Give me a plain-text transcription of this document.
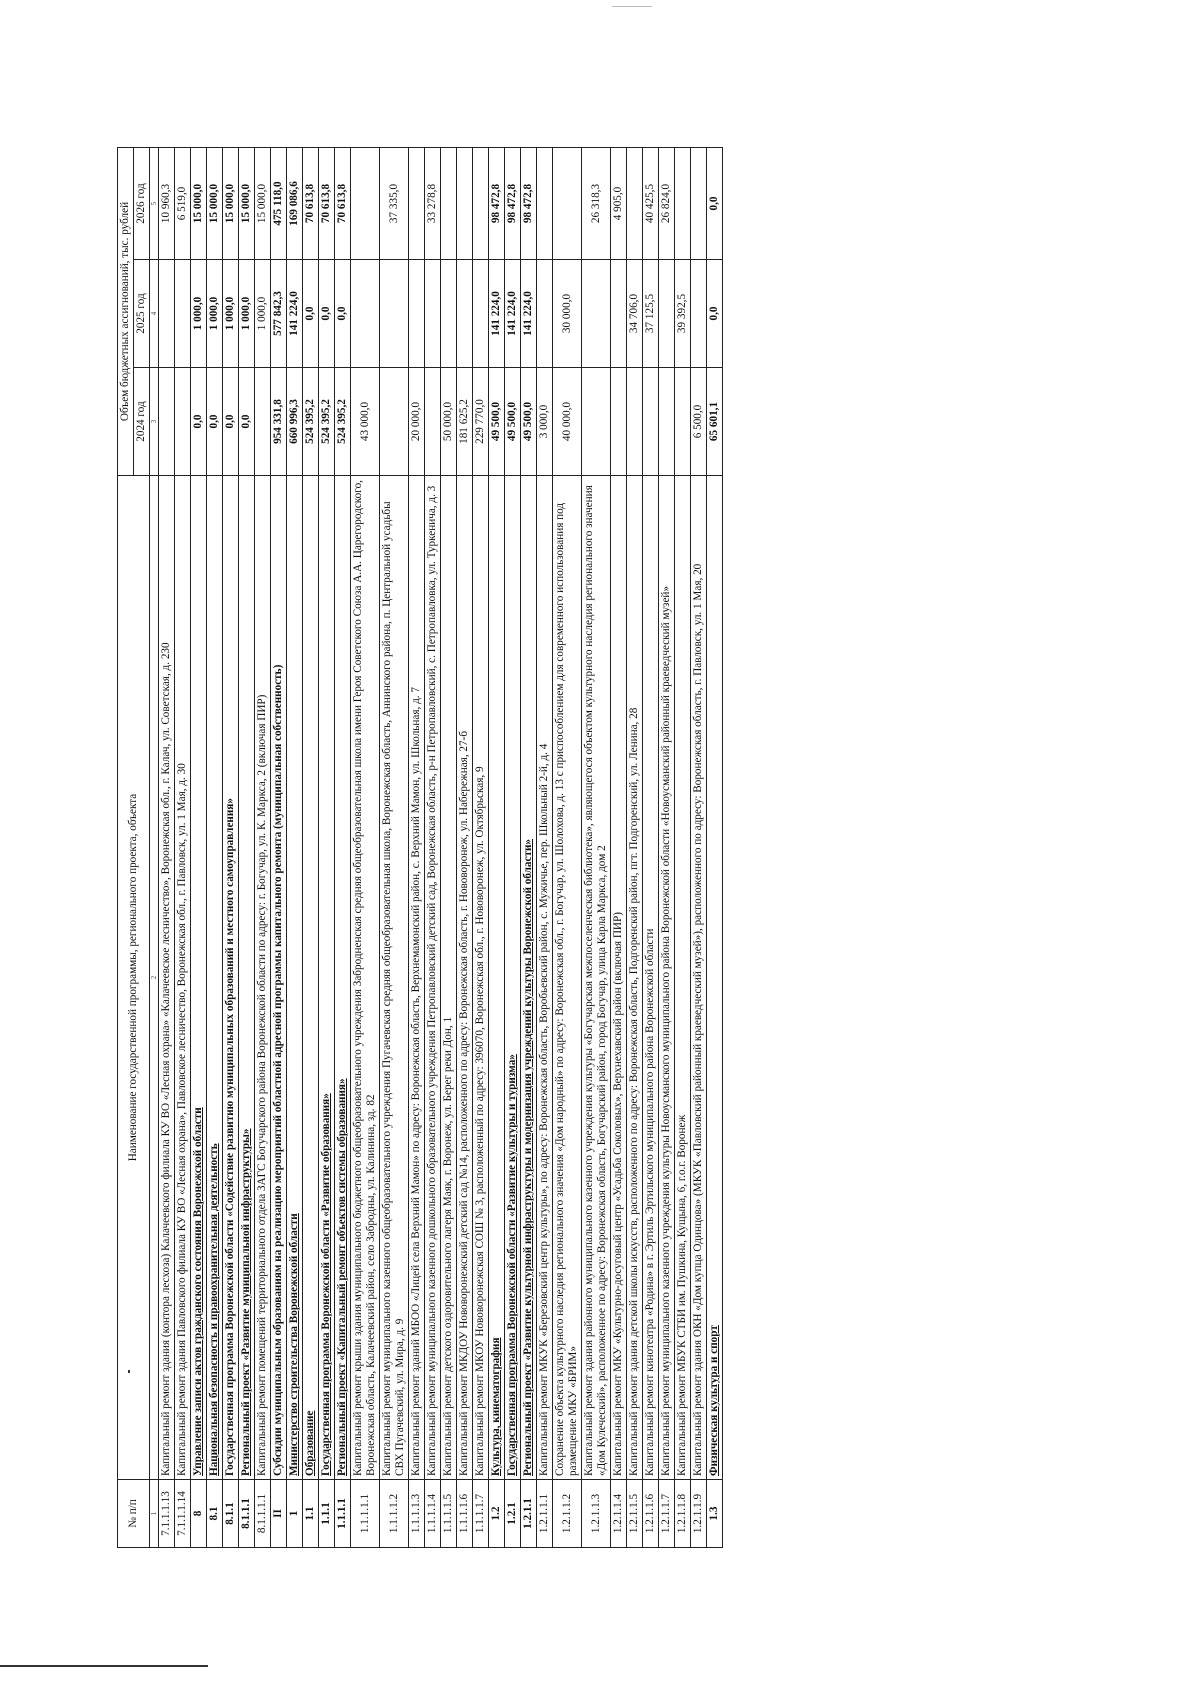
№ п/п	Наименование государственной программы, регионального проекта, объекта	Объем бюджетных ассигнований, тыс. рублей		
		2024 год	2025 год	2026 год
1	2	3	4	5
7.1.1.1.13	Капитальный ремонт здания (контора лесхоза) Калачеевского филиала КУ ВО «Лесная охрана» «Калачеевское лесничество», Воронежская обл., г. Калач, ул. Советская, д. 230			10 960,3
7.1.1.1.14	Капитальный ремонт здания Павловского филиала КУ ВО «Лесная охрана», Павловское лесничество, Воронежская обл., г. Павловск, ул. 1 Мая, д. 30			6 519,0
8	Управление записи актов гражданского состояния Воронежской области	0,0	1 000,0	15 000,0
8.1	Национальная безопасность и правоохранительная деятельность	0,0	1 000,0	15 000,0
8.1.1	Государственная программа Воронежской области «Содействие развитию муниципальных образований и местного самоуправления»	0,0	1 000,0	15 000,0
8.1.1.1	Региональный проект «Развитие муниципальной инфраструктуры»	0,0	1 000,0	15 000,0
8.1.1.1.1	Капитальный ремонт помещений территориального отдела ЗАГС Богучарского района Воронежской области по адресу: г. Богучар, ул. К. Маркса, 2 (включая ПИР)		1 000,0	15 000,0
II	Субсидии муниципальным образованиям на реализацию мероприятий областной адресной программы капитального ремонта (муниципальная собственность)	954 331,8	577 842,3	475 118,0
1	Министерство строительства Воронежской области	660 996,3	141 224,0	169 086,6
1.1	Образование	524 395,2	0,0	70 613,8
1.1.1	Государственная программа Воронежской области «Развитие образования»	524 395,2	0,0	70 613,8
1.1.1.1	Региональный проект «Капитальный ремонт объектов системы образования»	524 395,2	0,0	70 613,8
1.1.1.1.1	Капитальный ремонт крыши здания муниципального бюджетного общеобразовательного учреждения Забродненская средняя общеобразовательная школа имени Героя Советского Союза А.А. Царегородского, Воронежская область, Калачеевский район, село Забродны, ул. Калинина, зд. 82	43 000,0		
1.1.1.1.2	Капитальный ремонт муниципального казенного общеобразовательного учреждения Пугачевская средняя общеобразовательная школа, Воронежская область, Аннинского района, п. Центральной усадьбы СВХ Пугачевский, ул. Мира, д. 9			37 335,0
1.1.1.1.3	Капитальный ремонт зданий МБОО «Лицей села Верхний Мамон» по адресу: Воронежская область, Верхнемамонский район, с. Верхний Мамон, ул. Школьная, д. 7	20 000,0		
1.1.1.1.4	Капитальный ремонт муниципального казенного дошкольного образовательного учреждения Петропавловский детский сад, Воронежская область, р-н Петропавловский, с. Петропавловка, ул. Туркенича, д. 3			33 278,8
1.1.1.1.5	Капитальный ремонт детского оздоровительного лагеря Маяк, г. Воронеж, ул. Берег реки Дон, 1	50 000,0		
1.1.1.1.6	Капитальный ремонт МКДОУ Нововоронежский детский сад №14, расположенного по адресу: Воронежская область, г. Нововоронеж, ул. Набережная, 27-б	181 625,2		
1.1.1.1.7	Капитальный ремонт МКОУ Нововоронежская СОШ № 3, расположенный по адресу: 396070, Воронежская обл., г. Нововоронеж, ул. Октябрьская, 9	229 770,0		
1.2	Культура, кинематография	49 500,0	141 224,0	98 472,8
1.2.1	Государственная программа Воронежской области «Развитие культуры и туризма»	49 500,0	141 224,0	98 472,8
1.2.1.1	Региональный проект «Развитие культурной инфраструктуры и модернизация учреждений культуры Воронежской области»	49 500,0	141 224,0	98 472,8
1.2.1.1.1	Капитальный ремонт МКУК «Березовский центр культуры», по адресу: Воронежская область, Воробьевский район, с. Мужичье, пер. Школьный 2-й, д. 4	3 000,0		
1.2.1.1.2	Сохранение объекта культурного наследия регионального значения «Дом народный» по адресу: Воронежская обл., г. Богучар, ул. Шолохова, д. 13 с приспособлением для современного использования под размещение МКУ «БРИМ»	40 000,0	30 000,0	
1.2.1.1.3	Капитальный ремонт здания районного муниципального казенного учреждения культуры «Богучарская межпоселенческая библиотека», являющегося объектом культурного наследия регионального значения «Дом Кулеческий», расположенное по адресу: Воронежская область, Богучарский район, город Богучар, улица Карла Маркса, дом 2			26 318,3
1.2.1.1.4	Капитальный ремонт МКУ «Культурно-досуговый центр «Усадьба Соколовых», Верхнехавский район (включая ПИР)			4 905,0
1.2.1.1.5	Капитальный ремонт здания детской школы искусств, расположенного по адресу: Воронежская область, Подгоренский район, пгт. Подгоренский, ул. Ленина, 28		34 706,0	
1.2.1.1.6	Капитальный ремонт кинотеатра «Родина» в г. Эртиль Эртильского муниципального района Воронежской области		37 125,5	40 425,5
1.2.1.1.7	Капитальный ремонт муниципального казенного учреждения культуры Новоусманского муниципального района Воронежской области «Новоусманский районный краеведческий музей»			26 824,0
1.2.1.1.8	Капитальный ремонт МБУК СТБИ им. Пушкина, Кущына, 6, г.о.г. Воронеж		39 392,5	
1.2.1.1.9	Капитальный ремонт здания ОКН «Дом купца Одинцова» (МКУК «Павловский районный краеведческий музей»), расположенного по адресу: Воронежская область, г. Павловск, ул. 1 Мая, 20	6 500,0		
1.3	Физическая культура и спорт	65 601,1	0,0	0,0
